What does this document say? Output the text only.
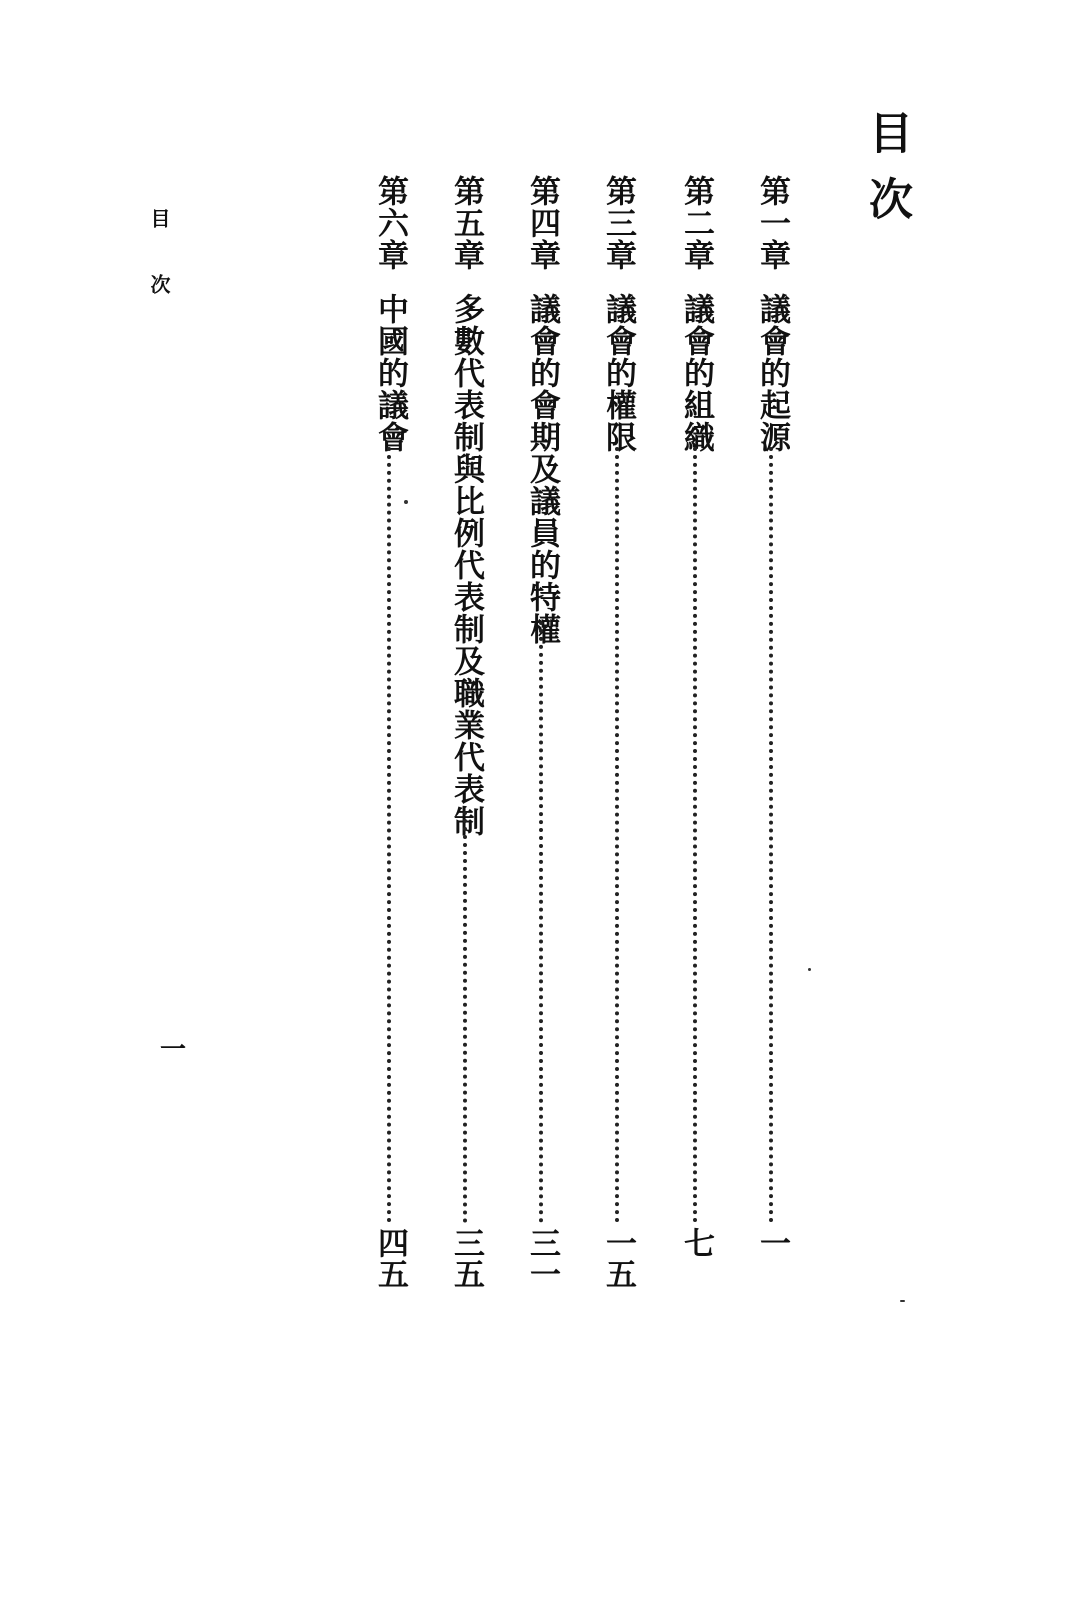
目次
目次
一
第一章
議會的起源
一
第二章
議會的組織
七
第三章
議會的權限
一五
第四章
議會的會期及議員的特權
三一
第五章
多數代表制與比例代表制及職業代表制
三五
第六章
中國的議會
四五
